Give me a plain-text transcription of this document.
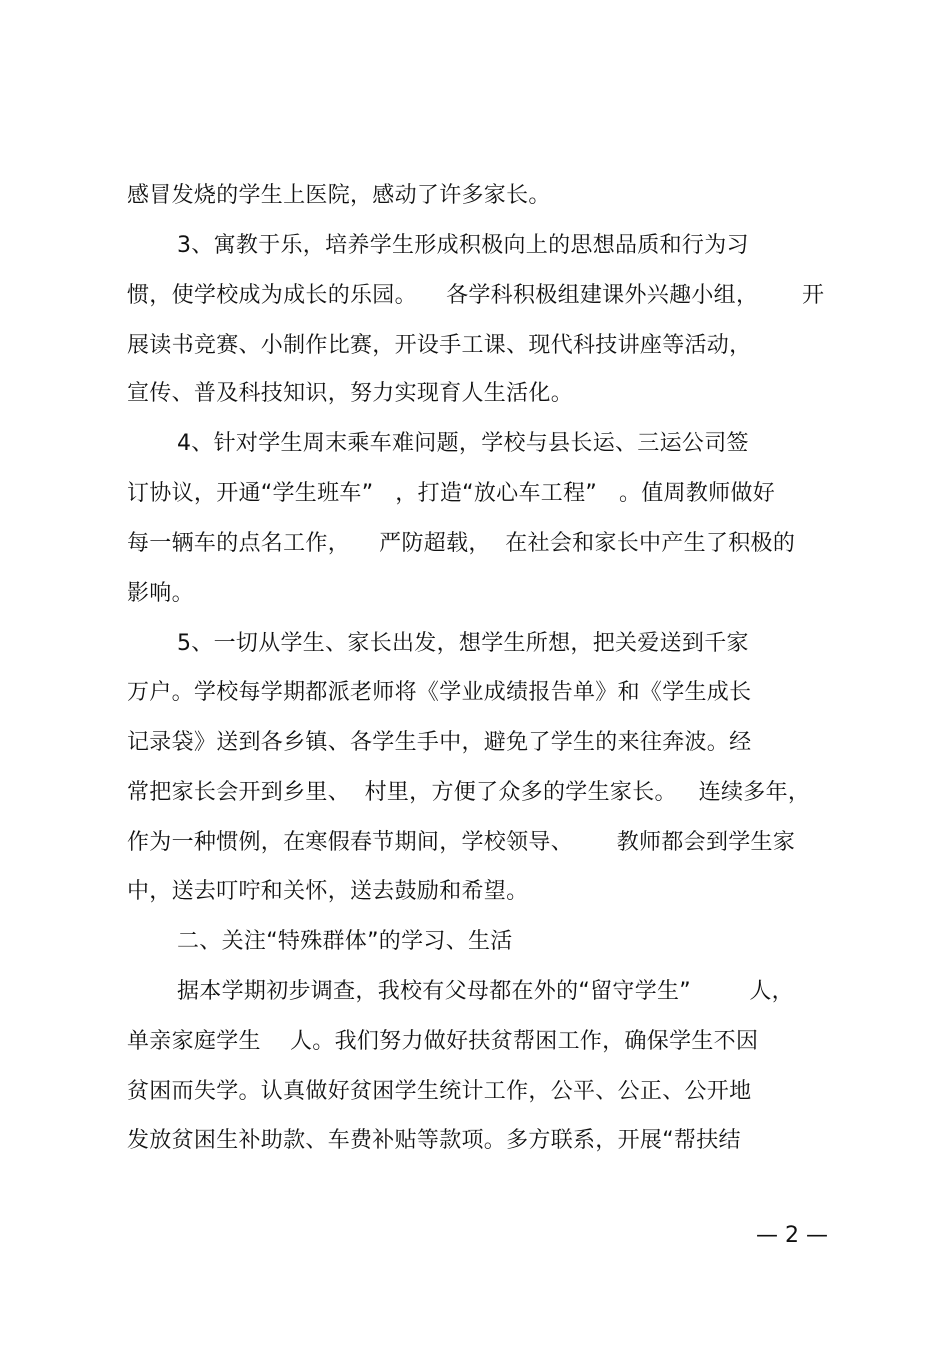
感冒发烧的学生上医院，感动了许多家长。
3、寓教于乐，培养学生形成积极向上的思想品质和行为习
惯，使学校成为成长的乐园。    各学科积极组建课外兴趣小组，      开
展读书竞赛、小制作比赛，开设手工课、现代科技讲座等活动，
宣传、普及科技知识，努力实现育人生活化。
4、针对学生周末乘车难问题，学校与县长运、三运公司签
订协议，开通“学生班车”   ，打造“放心车工程”   。值周教师做好
每一辆车的点名工作，    严防超载，  在社会和家长中产生了积极的
影响。
5、一切从学生、家长出发，想学生所想，把关爱送到千家
万户。学校每学期都派老师将《学业成绩报告单》和《学生成长
记录袋》送到各乡镇、各学生手中，避免了学生的来往奔波。经
常把家长会开到乡里、  村里，方便了众多的学生家长。   连续多年，
作为一种惯例，在寒假春节期间，学校领导、      教师都会到学生家
中，送去叮咛和关怀，送去鼓励和希望。
二、关注“特殊群体”的学习、生活
据本学期初步调查，我校有父母都在外的“留守学生”        人，
单亲家庭学生    人。我们努力做好扶贫帮困工作，确保学生不因
贫困而失学。认真做好贫困学生统计工作，公平、公正、公开地
发放贫困生补助款、车费补贴等款项。多方联系，开展“帮扶结
— 2 —
